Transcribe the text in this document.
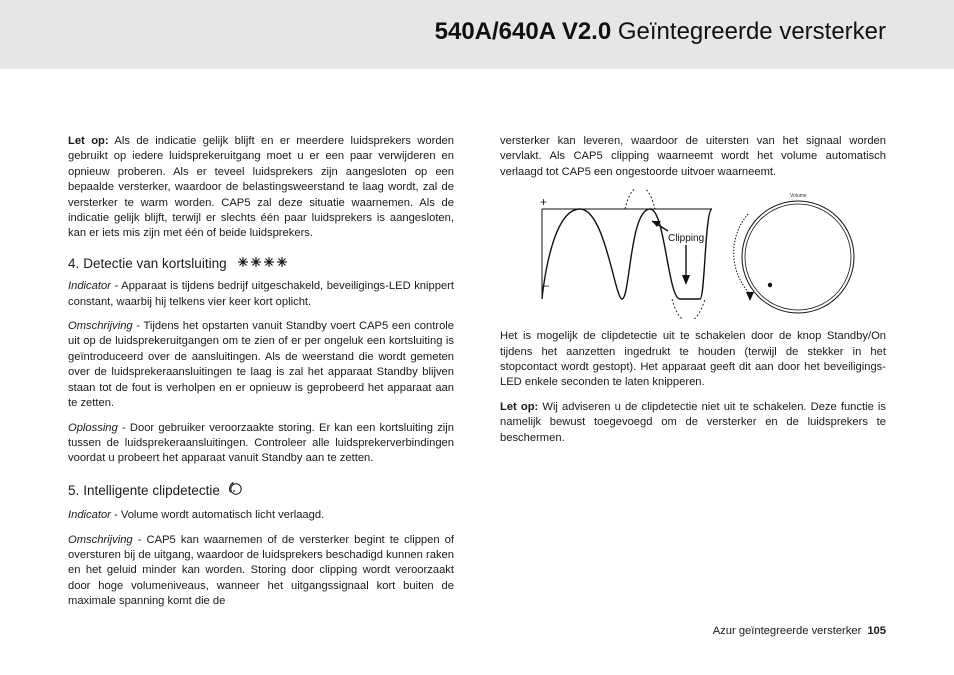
540A/640A V2.0 Geïntegreerde versterker

Let op: Als de indicatie gelijk blijft en er meerdere luidsprekers worden gebruikt op iedere luidsprekeruitgang moet u er een paar verwijderen en opnieuw proberen. Als er teveel luidsprekers zijn aangesloten op een bepaalde versterker, waardoor de belastingsweerstand te laag wordt, zal de versterker te warm worden. CAP5 zal deze situatie waarnemen. Als de indicatie gelijk blijft, terwijl er slechts één paar luidsprekers is aangesloten, kan er iets mis zijn met één of beide luidsprekers.

4. Detectie van kortsluiting

Indicator - Apparaat is tijdens bedrijf uitgeschakeld, beveiligings-LED knippert constant, waarbij hij telkens vier keer kort oplicht.

Omschrijving - Tijdens het opstarten vanuit Standby voert CAP5 een controle uit op de luidsprekeruitgangen om te zien of er per ongeluk een kortsluiting is geïntroduceerd over de aansluitingen. Als de weerstand die wordt gemeten over de luidsprekeraansluitingen te laag is zal het apparaat Standby blijven staan tot de fout is verholpen en er opnieuw is geprobeerd het apparaat aan te zetten.

Oplossing - Door gebruiker veroorzaakte storing. Er kan een kortsluiting zijn tussen de luidsprekeraansluitingen. Controleer alle luidsprekerverbindingen voordat u probeert het apparaat vanuit Standby aan te zetten.

5. Intelligente clipdetectie

Indicator - Volume wordt automatisch licht verlaagd.

Omschrijving - CAP5 kan waarnemen of de versterker begint te clippen of oversturen bij de uitgang, waardoor de luidsprekers beschadigd kunnen raken en het geluid minder kan worden. Storing door clipping wordt veroorzaakt door hoge volumeniveaus, wanneer het uitgangssignaal kort buiten de maximale spanning komt die de

versterker kan leveren, waardoor de uitersten van het signaal worden vervlakt. Als CAP5 clipping waarneemt wordt het volume automatisch verlaagd tot CAP5 een ongestoorde uitvoer waarneemt.

Clipping
+
–
Volume

Het is mogelijk de clipdetectie uit te schakelen door de knop Standby/On tijdens het aanzetten ingedrukt te houden (terwijl de stekker in het stopcontact wordt gestopt). Het apparaat geeft dit aan door het beveiligings-LED enkele seconden te laten knipperen.

Let op: Wij adviseren u de clipdetectie niet uit te schakelen. Deze functie is namelijk bewust toegevoegd om de versterker en de luidsprekers te beschermen.

Azur geïntegreerde versterker 105
